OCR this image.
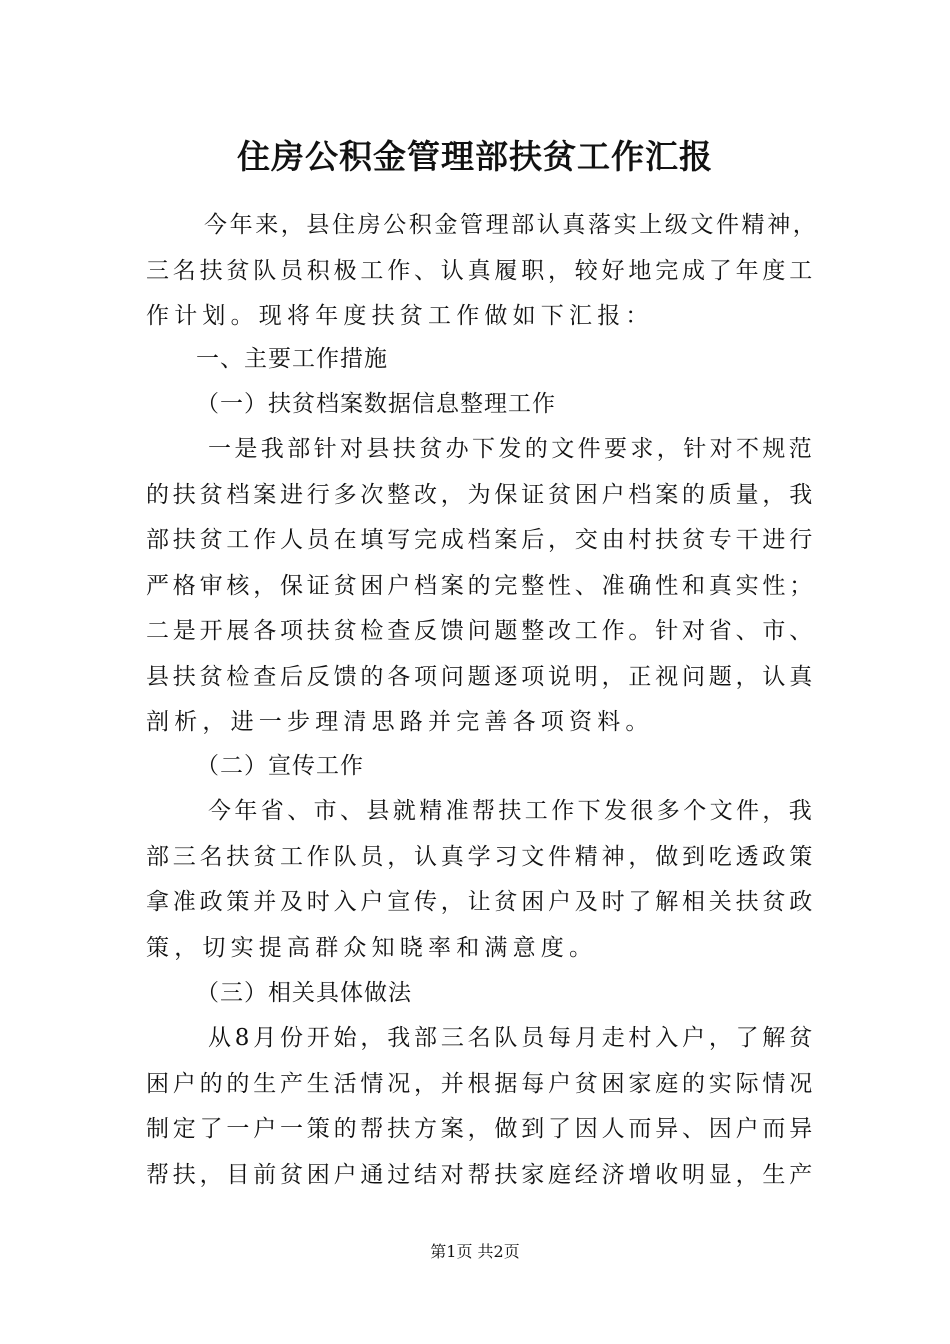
住房公积金管理部扶贫工作汇报
今年来，县住房公积金管理部认真落实上级文件精神，
三名扶贫队员积极工作、认真履职，较好地完成了年度工
作计划。现将年度扶贫工作做如下汇报：
一、主要工作措施
（一）扶贫档案数据信息整理工作
一是我部针对县扶贫办下发的文件要求，针对不规范
的扶贫档案进行多次整改，为保证贫困户档案的质量，我
部扶贫工作人员在填写完成档案后，交由村扶贫专干进行
严格审核，保证贫困户档案的完整性、准确性和真实性；
二是开展各项扶贫检查反馈问题整改工作。针对省、市、
县扶贫检查后反馈的各项问题逐项说明，正视问题，认真
剖析，进一步理清思路并完善各项资料。
（二）宣传工作
今年省、市、县就精准帮扶工作下发很多个文件，我
部三名扶贫工作队员，认真学习文件精神，做到吃透政策
拿准政策并及时入户宣传，让贫困户及时了解相关扶贫政
策，切实提高群众知晓率和满意度。
（三）相关具体做法
从8月份开始，我部三名队员每月走村入户，了解贫
困户的的生产生活情况，并根据每户贫困家庭的实际情况
制定了一户一策的帮扶方案，做到了因人而异、因户而异
帮扶，目前贫困户通过结对帮扶家庭经济增收明显，生产
第1页 共2页
